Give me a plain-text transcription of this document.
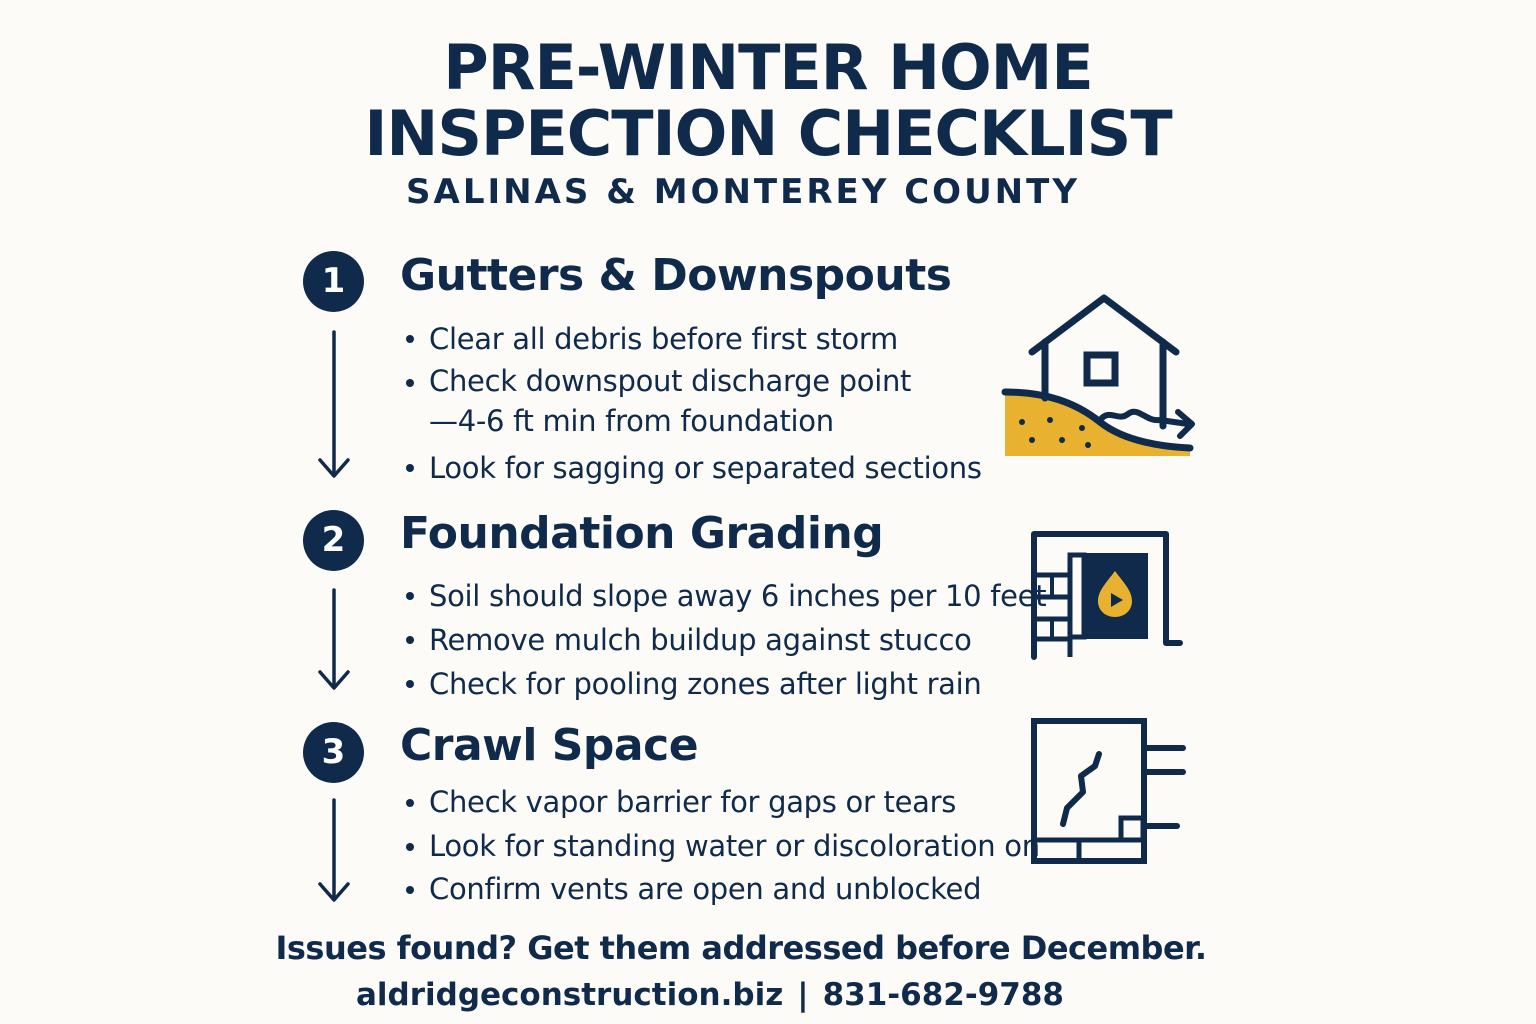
PRE-WINTER HOME
INSPECTION CHECKLIST
SALINAS & MONTEREY COUNTY
1	Gutters & Downspouts
Clear all debris before first storm
Check downspout discharge point
—4-6 ft min from foundation
Look for sagging or separated sections
2	Foundation Grading
Soil should slope away 6 inches per 10 feet
Remove mulch buildup against stucco
Check for pooling zones after light rain
3	Crawl Space
Check vapor barrier for gaps or tears
Look for standing water or discoloration on
Confirm vents are open and unblocked
Issues found? Get them addressed before December.
aldridgeconstruction.biz | 831-682-9788
